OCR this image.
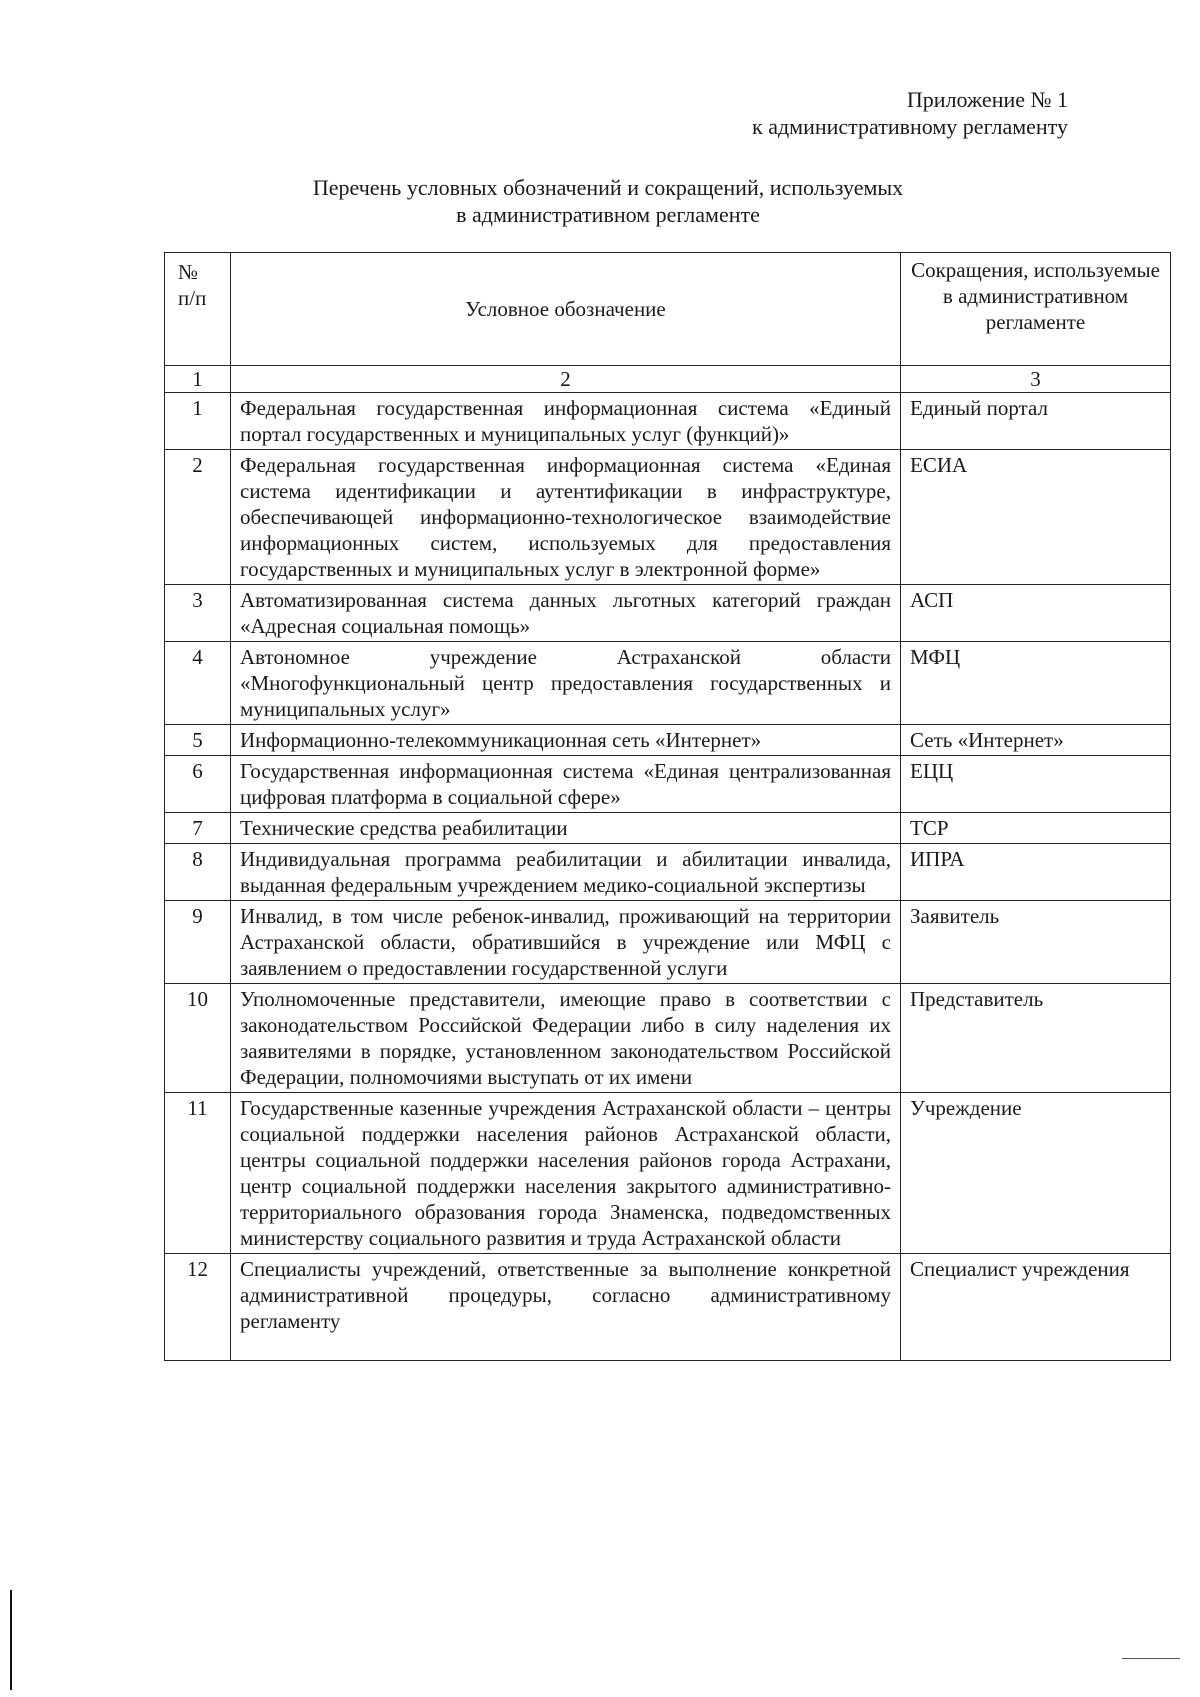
Приложение № 1
к административному регламенту
Перечень условных обозначений и сокращений, используемых
в административном регламенте
№
п/п	Условное обозначение	Сокращения, используемые в административном регламенте
1	2	3
1	Федеральная государственная информационная система «Единый портал государственных и муниципальных услуг (функций)»	Единый портал
2	Федеральная государственная информационная система «Единая система идентификации и аутентификации в инфраструктуре, обеспечивающей информационно-технологическое взаимодействие информационных систем, используемых для предоставления государственных и муниципальных услуг в электронной форме»	ЕСИА
3	Автоматизированная система данных льготных категорий граждан «Адресная социальная помощь»	АСП
4	Автономное учреждение Астраханской области «Многофункциональный центр предоставления государственных и муниципальных услуг»	МФЦ
5	Информационно-телекоммуникационная сеть «Интернет»	Сеть «Интернет»
6	Государственная информационная система «Единая централизованная цифровая платформа в социальной сфере»	ЕЦЦ
7	Технические средства реабилитации	ТСР
8	Индивидуальная программа реабилитации и абилитации инвалида, выданная федеральным учреждением медико-социальной экспертизы	ИПРА
9	Инвалид, в том числе ребенок-инвалид, проживающий на территории Астраханской области, обратившийся в учреждение или МФЦ с заявлением о предоставлении государственной услуги	Заявитель
10	Уполномоченные представители, имеющие право в соответствии с законодательством Российской Федерации либо в силу наделения их заявителями в порядке, установленном законодательством Российской Федерации, полномочиями выступать от их имени	Представитель
11	Государственные казенные учреждения Астраханской области – центры социальной поддержки населения районов Астраханской области, центры социальной поддержки населения районов города Астрахани, центр социальной поддержки населения закрытого административно-территориального образования города Знаменска, подведомственных министерству социального развития и труда Астраханской области	Учреждение
12	Специалисты учреждений, ответственные за выполнение конкретной административной процедуры, согласно административному регламенту	Специалист учреждения
